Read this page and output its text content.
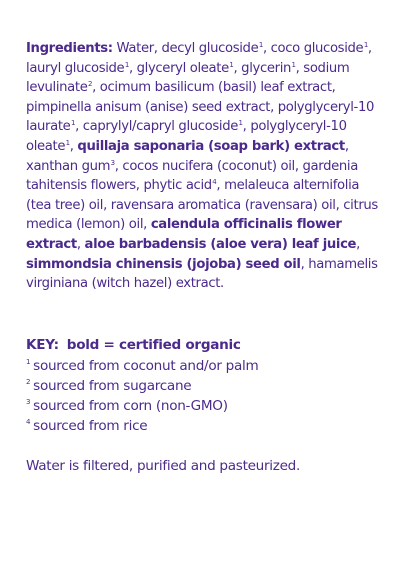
Ingredients: Water, decyl glucoside$^1$, coco glucoside$^1$, lauryl glucoside$^1$, glyceryl oleate$^1$, glycerin$^1$, sodium levulinate$^2$, ocimum basilicum (basil) leaf extract, pimpinella anisum (anise) seed extract, polyglyceryl-10 laurate$^1$, caprylyl/capryl glucoside$^1$, polyglyceryl-10 oleate$^1$, quillaja saponaria (soap bark) extract, xanthan gum$^3$, cocos nucifera (coconut) oil, gardenia tahitensis flowers, phytic acid$^4$, melaleuca alternifolia (tea tree) oil, ravensara aromatica (ravensara) oil, citrus medica (lemon) oil, calendula officinalis flower extract, aloe barbadensis (aloe vera) leaf juice, simmondsia chinensis (jojoba) seed oil, hamamelis virginiana (witch hazel) extract.

KEY: bold = certified organic
$^1$ sourced from coconut and/or palm
$^2$ sourced from sugarcane
$^3$ sourced from corn (non-GMO)
$^4$ sourced from rice

Water is filtered, purified and pasteurized.
